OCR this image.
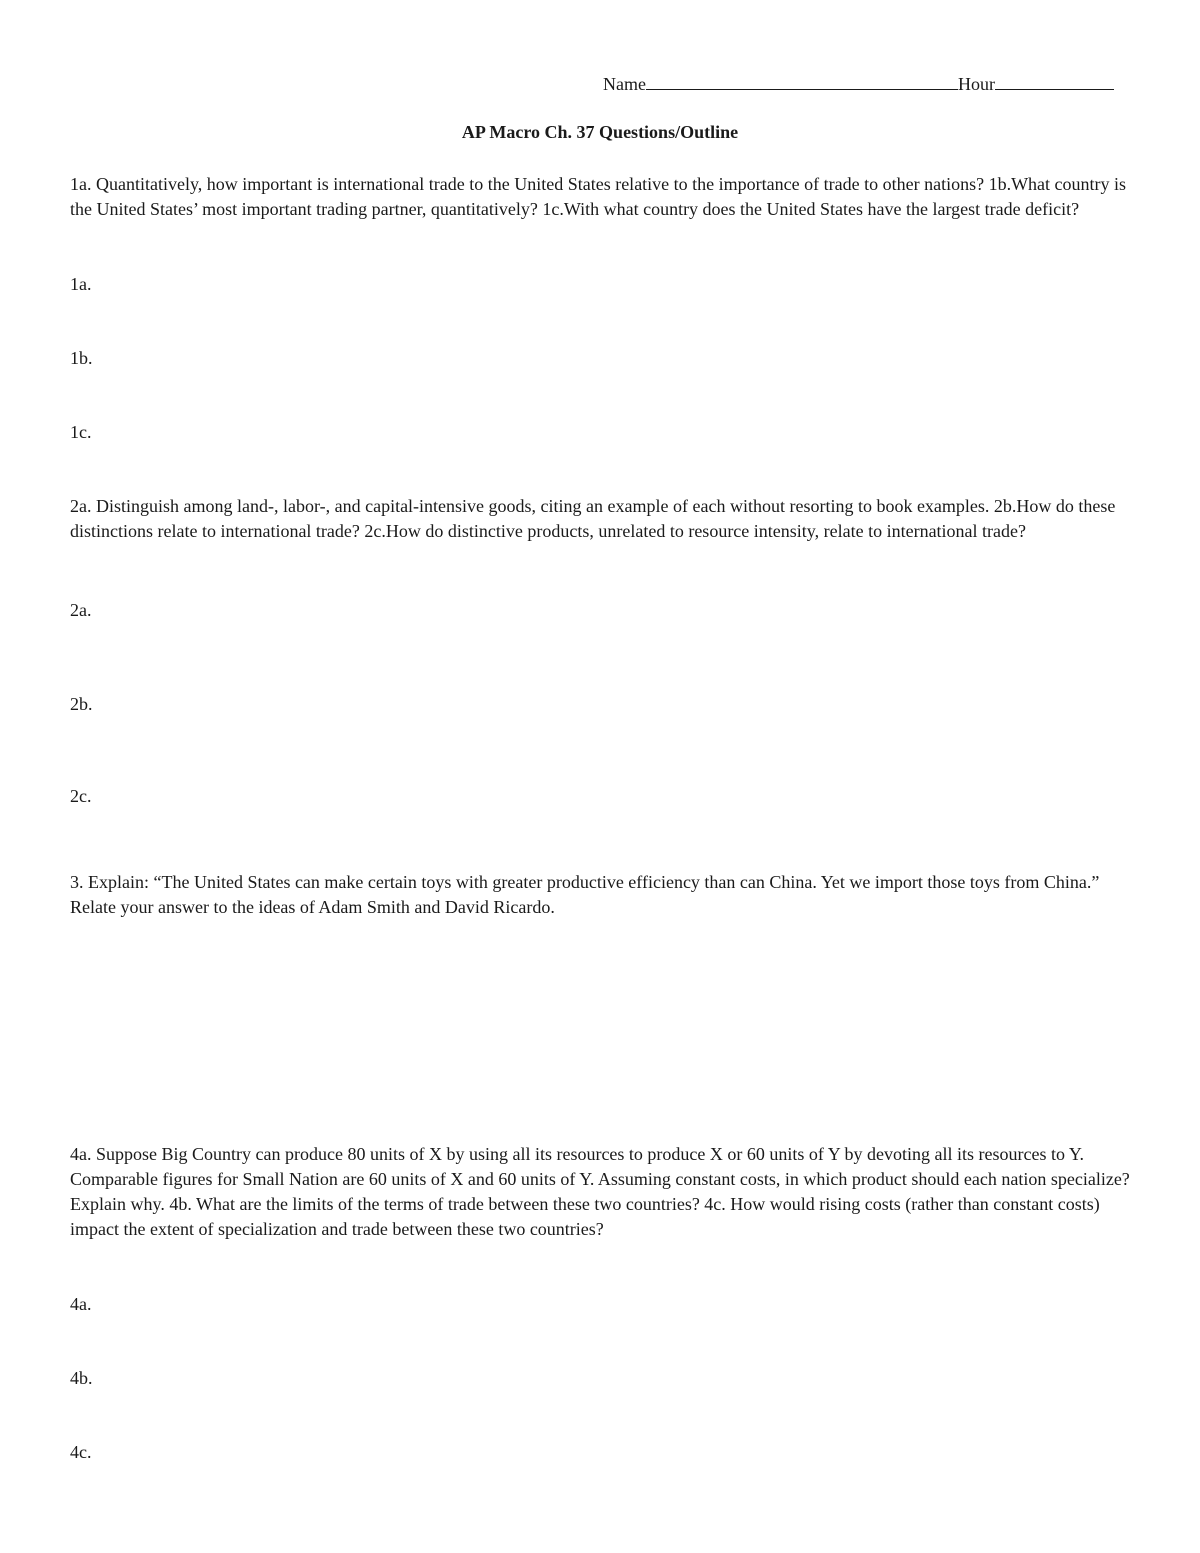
Name	Hour
AP Macro Ch. 37 Questions/Outline

1a. Quantitatively, how important is international trade to the United States relative to the importance of trade to other nations? 1b.What country is the United States’ most important trading partner, quantitatively? 1c.With what country does the United States have the largest trade deficit?

1a.
1b.
1c.

2a. Distinguish among land-, labor-, and capital-intensive goods, citing an example of each without resorting to book examples. 2b.How do these distinctions relate to international trade? 2c.How do distinctive products, unrelated to resource intensity, relate to international trade?

2a.
2b.
2c.

3. Explain: “The United States can make certain toys with greater productive efficiency than can China. Yet we import those toys from China.” Relate your answer to the ideas of Adam Smith and David Ricardo.

4a. Suppose Big Country can produce 80 units of X by using all its resources to produce X or 60 units of Y by devoting all its resources to Y. Comparable figures for Small Nation are 60 units of X and 60 units of Y. Assuming constant costs, in which product should each nation specialize? Explain why. 4b. What are the limits of the terms of trade between these two countries? 4c. How would rising costs (rather than constant costs) impact the extent of specialization and trade between these two countries?

4a.
4b.
4c.
